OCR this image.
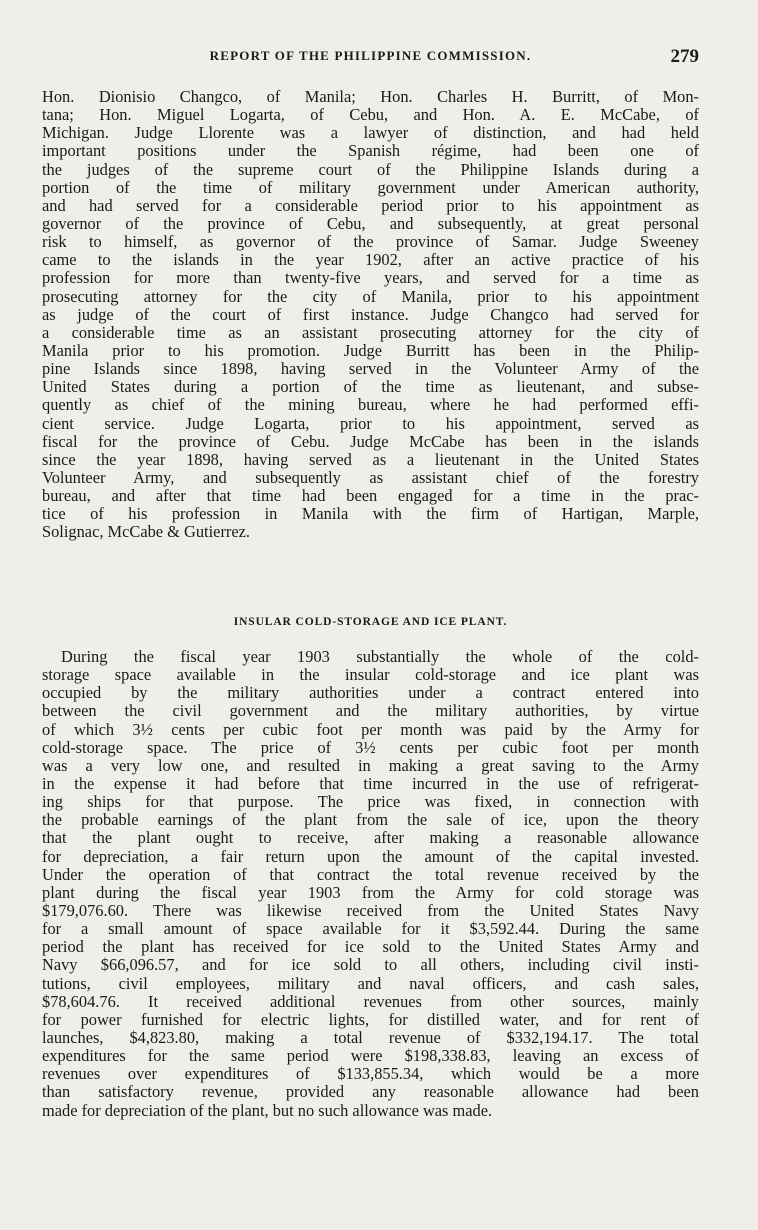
REPORT OF THE PHILIPPINE COMMISSION.	279
Hon. Dionisio Changco, of Manila; Hon. Charles H. Burritt, of Mon-
tana; Hon. Miguel Logarta, of Cebu, and Hon. A. E. McCabe, of
Michigan. Judge Llorente was a lawyer of distinction, and had held
important positions under the Spanish régime, had been one of
the judges of the supreme court of the Philippine Islands during a
portion of the time of military government under American authority,
and had served for a considerable period prior to his appointment as
governor of the province of Cebu, and subsequently, at great personal
risk to himself, as governor of the province of Samar. Judge Sweeney
came to the islands in the year 1902, after an active practice of his
profession for more than twenty-five years, and served for a time as
prosecuting attorney for the city of Manila, prior to his appointment
as judge of the court of first instance. Judge Changco had served for
a considerable time as an assistant prosecuting attorney for the city of
Manila prior to his promotion. Judge Burritt has been in the Philip-
pine Islands since 1898, having served in the Volunteer Army of the
United States during a portion of the time as lieutenant, and subse-
quently as chief of the mining bureau, where he had performed effi-
cient service. Judge Logarta, prior to his appointment, served as
fiscal for the province of Cebu. Judge McCabe has been in the islands
since the year 1898, having served as a lieutenant in the United States
Volunteer Army, and subsequently as assistant chief of the forestry
bureau, and after that time had been engaged for a time in the prac-
tice of his profession in Manila with the firm of Hartigan, Marple,
Solignac, McCabe & Gutierrez.
INSULAR COLD-STORAGE AND ICE PLANT.
During the fiscal year 1903 substantially the whole of the cold-
storage space available in the insular cold-storage and ice plant was
occupied by the military authorities under a contract entered into
between the civil government and the military authorities, by virtue
of which 3½ cents per cubic foot per month was paid by the Army for
cold-storage space. The price of 3½ cents per cubic foot per month
was a very low one, and resulted in making a great saving to the Army
in the expense it had before that time incurred in the use of refrigerat-
ing ships for that purpose. The price was fixed, in connection with
the probable earnings of the plant from the sale of ice, upon the theory
that the plant ought to receive, after making a reasonable allowance
for depreciation, a fair return upon the amount of the capital invested.
Under the operation of that contract the total revenue received by the
plant during the fiscal year 1903 from the Army for cold storage was
$179,076.60. There was likewise received from the United States Navy
for a small amount of space available for it $3,592.44. During the same
period the plant has received for ice sold to the United States Army and
Navy $66,096.57, and for ice sold to all others, including civil insti-
tutions, civil employees, military and naval officers, and cash sales,
$78,604.76. It received additional revenues from other sources, mainly
for power furnished for electric lights, for distilled water, and for rent of
launches, $4,823.80, making a total revenue of $332,194.17. The total
expenditures for the same period were $198,338.83, leaving an excess of
revenues over expenditures of $133,855.34, which would be a more
than satisfactory revenue, provided any reasonable allowance had been
made for depreciation of the plant, but no such allowance was made.
